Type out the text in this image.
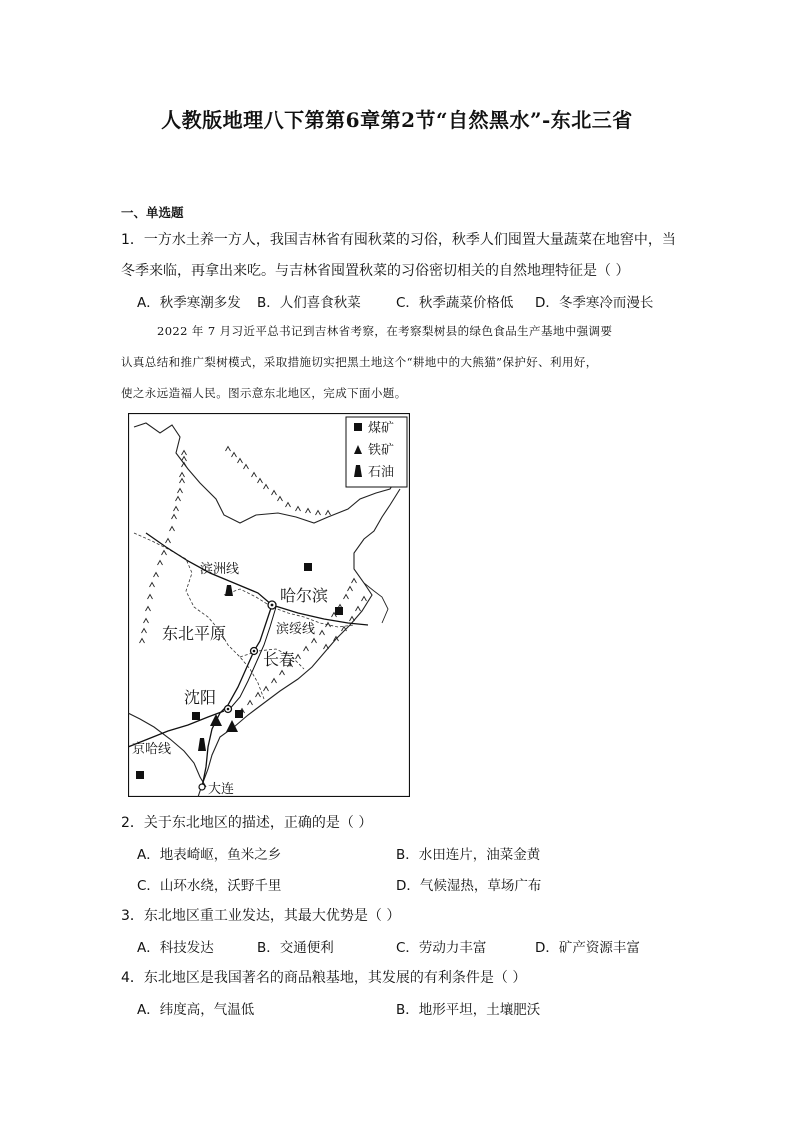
人教版地理八下第第6章第2节“自然黑水”-东北三省
一、单选题
1．一方水土养一方人，我国吉林省有囤秋菜的习俗，秋季人们囤置大量蔬菜在地窖中，当
冬季来临，再拿出来吃。与吉林省囤置秋菜的习俗密切相关的自然地理特征是（ ）
A．秋季寒潮多发 B．人们喜食秋菜	C．秋季蔬菜价格低 D．冬季寒冷而漫长
2022 年 7 月习近平总书记到吉林省考察，在考察梨树县的绿色食品生产基地中强调要
认真总结和推广梨树模式，采取措施切实把黑土地这个“耕地中的大熊猫”保护好、利用好，
使之永远造福人民。图示意东北地区，完成下面小题。
煤矿
铁矿
石油
滨洲线
哈尔滨
东北平原	滨绥线
长春
沈阳
京哈线
大连
2．关于东北地区的描述，正确的是（ ）
A．地表崎岖，鱼米之乡	B．水田连片，油菜金黄
C．山环水绕，沃野千里	D．气候湿热，草场广布
3．东北地区重工业发达，其最大优势是（ ）
A．科技发达	B．交通便利	C．劳动力丰富	D．矿产资源丰富
4．东北地区是我国著名的商品粮基地，其发展的有利条件是（ ）
A．纬度高，气温低	B．地形平坦，土壤肥沃
